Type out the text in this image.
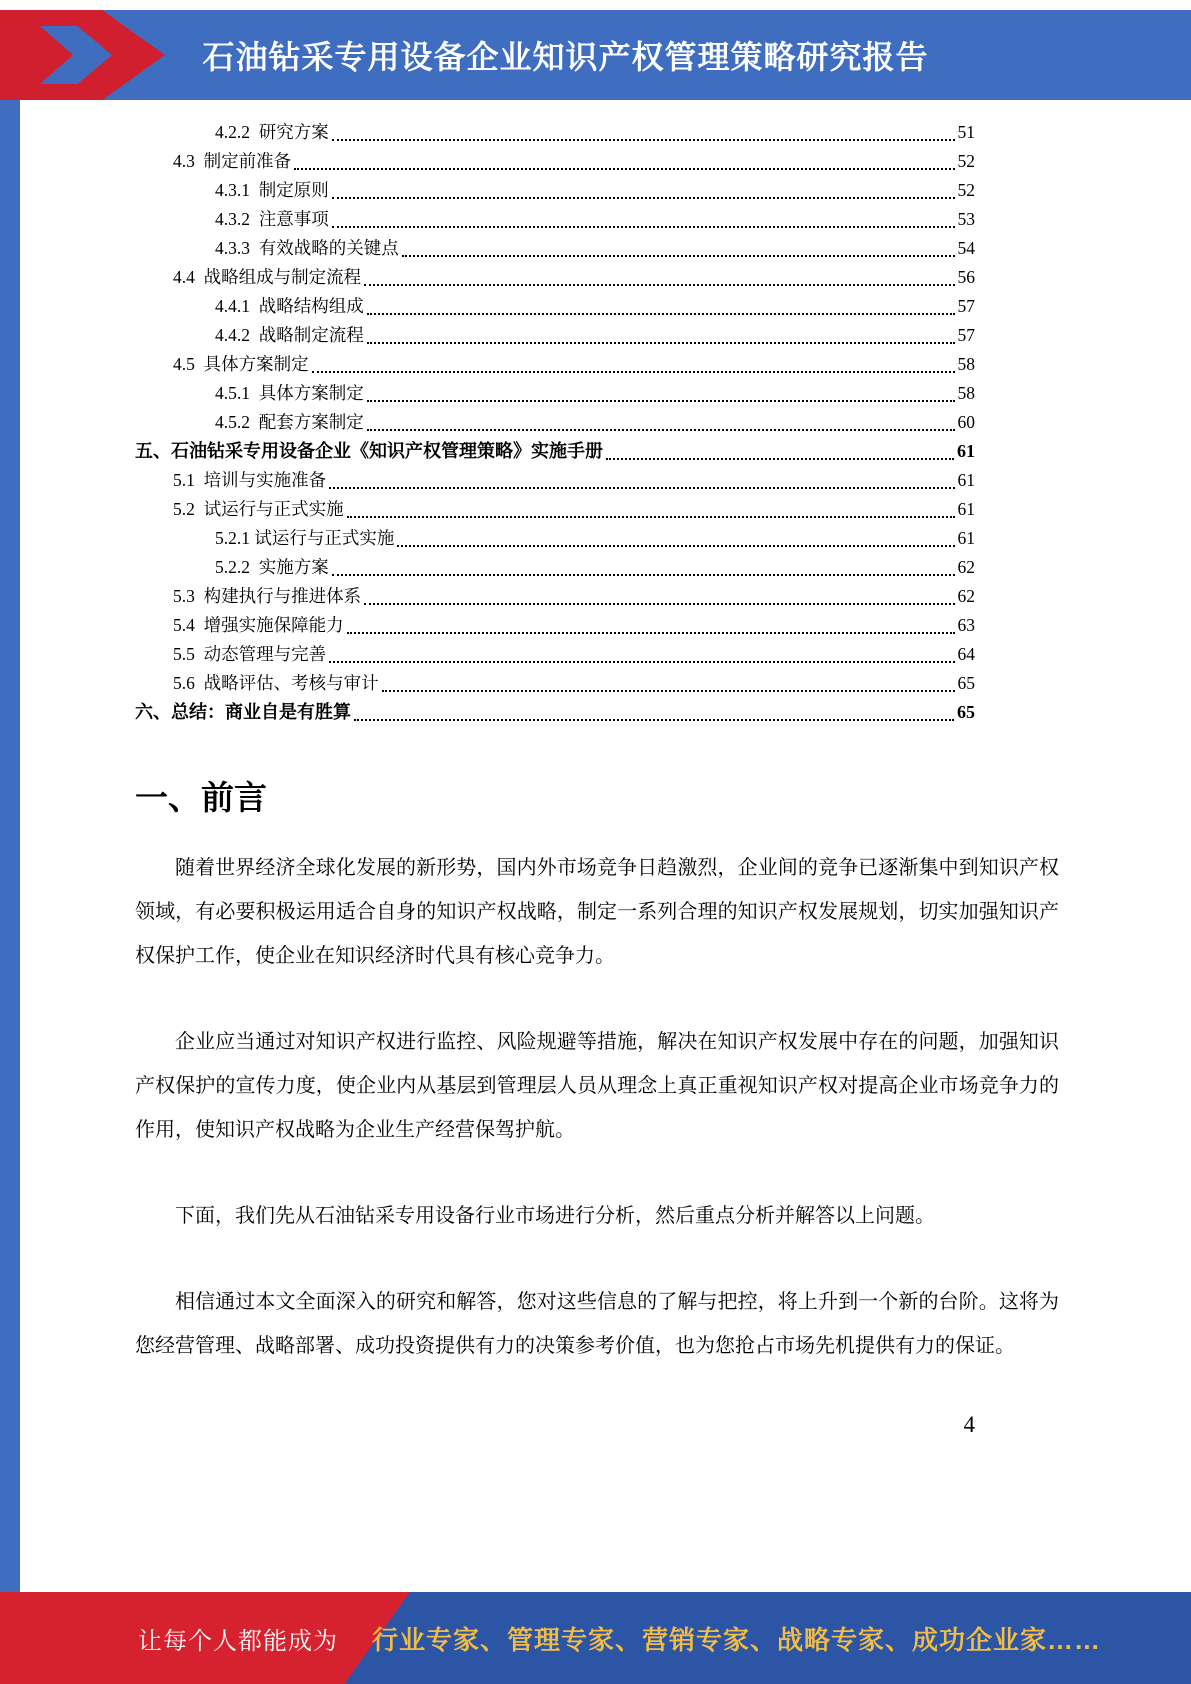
石油钻采专用设备企业知识产权管理策略研究报告
4.2.2  研究方案	51
4.3  制定前准备	52
4.3.1  制定原则	52
4.3.2  注意事项	53
4.3.3  有效战略的关键点	54
4.4  战略组成与制定流程	56
4.4.1  战略结构组成	57
4.4.2  战略制定流程	57
4.5  具体方案制定	58
4.5.1  具体方案制定	58
4.5.2  配套方案制定	60
五、石油钻采专用设备企业《知识产权管理策略》实施手册	61
5.1  培训与实施准备	61
5.2  试运行与正式实施	61
5.2.1 试运行与正式实施	61
5.2.2  实施方案	62
5.3  构建执行与推进体系	62
5.4  增强实施保障能力	63
5.5  动态管理与完善	64
5.6  战略评估、考核与审计	65
六、总结：商业自是有胜算	65
一、前言

随着世界经济全球化发展的新形势，国内外市场竞争日趋激烈，企业间的竞争已逐渐集中到知识产权领域，有必要积极运用适合自身的知识产权战略，制定一系列合理的知识产权发展规划，切实加强知识产权保护工作，使企业在知识经济时代具有核心竞争力。

企业应当通过对知识产权进行监控、风险规避等措施，解决在知识产权发展中存在的问题，加强知识产权保护的宣传力度，使企业内从基层到管理层人员从理念上真正重视知识产权对提高企业市场竞争力的作用，使知识产权战略为企业生产经营保驾护航。

下面，我们先从石油钻采专用设备行业市场进行分析，然后重点分析并解答以上问题。

相信通过本文全面深入的研究和解答，您对这些信息的了解与把控，将上升到一个新的台阶。这将为您经营管理、战略部署、成功投资提供有力的决策参考价值，也为您抢占市场先机提供有力的保证。

4
让每个人都能成为 行业专家、管理专家、营销专家、战略专家、成功企业家……
